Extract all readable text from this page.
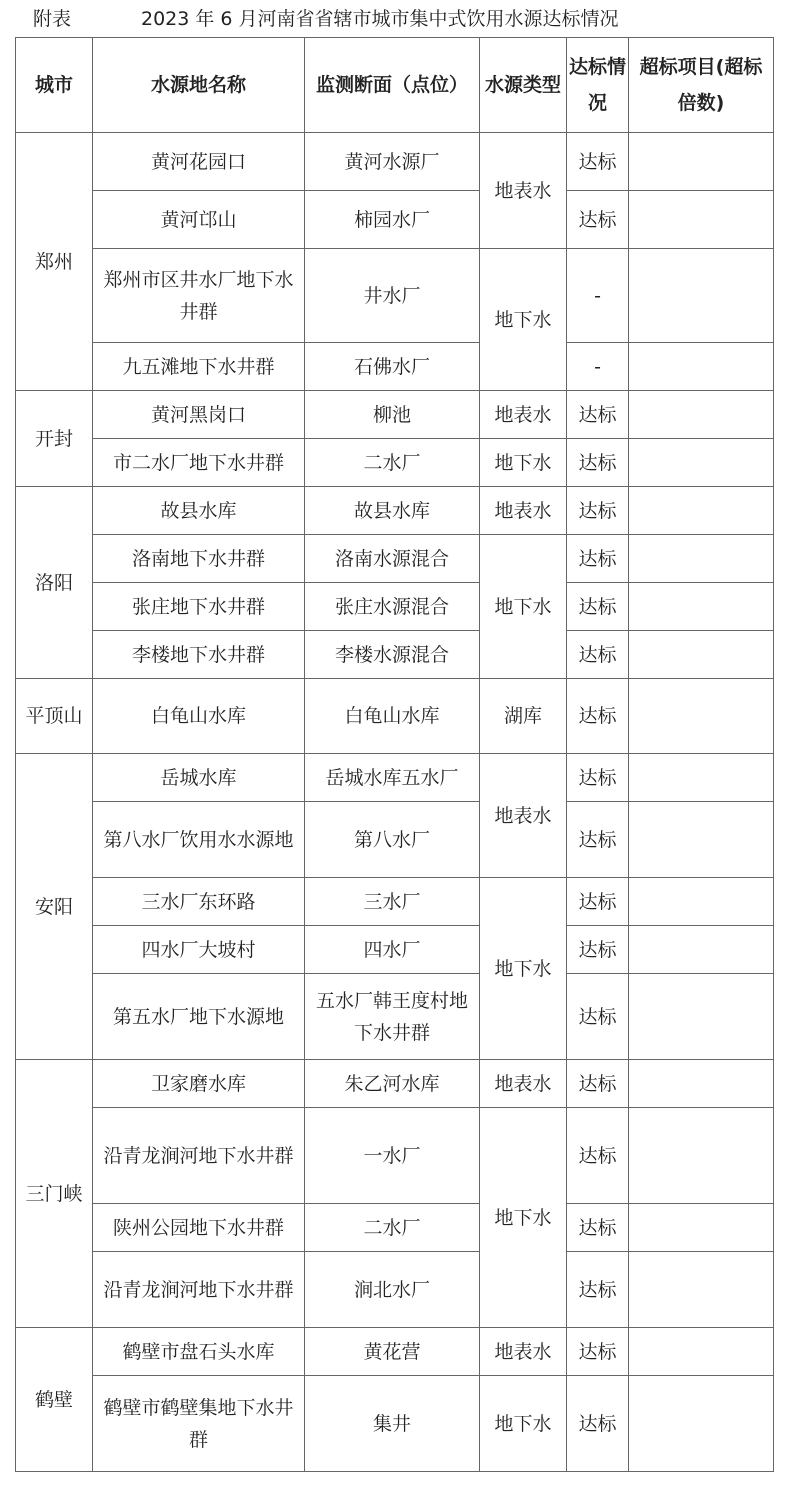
附表	2023 年 6 月河南省省辖市城市集中式饮用水源达标情况
城市	水源地名称	监测断面（点位）	水源类型	达标情况	超标项目(超标倍数)
郑州	黄河花园口	黄河水源厂	地表水	达标	
	黄河邙山	柿园水厂		达标	
	郑州市区井水厂地下水井群	井水厂	地下水	-	
	九五滩地下水井群	石佛水厂		-	
开封	黄河黑岗口	柳池	地表水	达标	
	市二水厂地下水井群	二水厂	地下水	达标	
洛阳	故县水库	故县水库	地表水	达标	
	洛南地下水井群	洛南水源混合	地下水	达标	
	张庄地下水井群	张庄水源混合		达标	
	李楼地下水井群	李楼水源混合		达标	
平顶山	白龟山水库	白龟山水库	湖库	达标	
安阳	岳城水库	岳城水库五水厂	地表水	达标	
	第八水厂饮用水水源地	第八水厂		达标	
	三水厂东环路	三水厂	地下水	达标	
	四水厂大坡村	四水厂		达标	
	第五水厂地下水源地	五水厂韩王度村地下水井群		达标	
三门峡	卫家磨水库	朱乙河水库	地表水	达标	
	沿青龙涧河地下水井群	一水厂	地下水	达标	
	陕州公园地下水井群	二水厂		达标	
	沿青龙涧河地下水井群	涧北水厂		达标	
鹤壁	鹤壁市盘石头水库	黄花营	地表水	达标	
	鹤壁市鹤壁集地下水井群	集井	地下水	达标	
